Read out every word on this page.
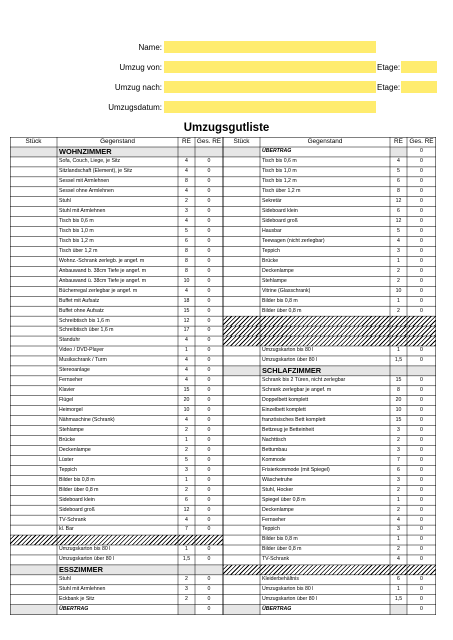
Name:
Umzug von:	Etage:
Umzug nach:	Etage:
Umzugsdatum:
Umzugsgutliste
Stück	Gegenstand	RE Ges. RE	Stück	Gegenstand	RE	Ges. RE
WOHNZIMMER
Sofa, Couch, Liege, je Sitz	4	0
Sitzlandschaft (Element), je Sitz	4	0
Sessel mit Armlehnen	8	0
Sessel ohne Armlehnen	4	0
Stuhl	2	0
Stuhl mit Armlehnen	3	0
Tisch bis 0,6 m	4	0
Tisch bis 1,0 m	5	0
Tisch bis 1,2 m	6	0
Tisch über 1,2 m	8	0
Wohnz.-Schrank zerlegb. je angef. m	8	0
Anbauwand b. 38cm Tiefe je angef. m	8	0
Anbauwand ü. 38cm Tiefe je angef. m	10	0
Bücherregal zerlegbar je angef. m	4	0
Buffet mit Aufsatz	18	0
Buffet ohne Aufsatz	15	0
Schreibtisch bis 1,6 m	12	0
Schreibtisch über 1,6 m	17	0
Standuhr	4	0
Video / DVD-Player	1	0
Musikschrank / Turm	4	0
Stereoanlage	4	0
Fernseher	4	0
Klavier	15	0
Flügel	20	0
Heimorgel	10	0
Nähmaschine (Schrank)	4	0
Stehlampe	2	0
Brücke	1	0
Deckenlampe	2	0
Lüster	5	0
Teppich	3	0
Bilder bis 0,8 m	1	0
Bilder über 0,8 m	2	0
Sideboard klein	6	0
Sideboard groß	12	0
TV-Schrank	4	0
kl. Bar	7	0
Umzugskarton bis 80 l	1	0
Umzugskarton über 80 l	1,5	0
ESSZIMMER
Stuhl	2	0
Stuhl mit Armlehnen	3	0
Eckbank je Sitz	2	0
ÜBERTRAG	0
ÜBERTRAG	0
Tisch bis 0,6 m	4	0
Tisch bis 1,0 m	5	0
Tisch bis 1,2 m	6	0
Tisch über 1,2 m	8	0
Sekretär	12	0
Sideboard klein	6	0
Sideboard groß	12	0
Hausbar	5	0
Teewagen (nicht zerlegbar)	4	0
Teppich	3	0
Brücke	1	0
Deckenlampe	2	0
Stehlampe	2	0
Vitrine (Glasschrank)	10	0
Bilder bis 0,8 m	1	0
Bilder über 0,8 m	2	0
Umzugskarton bis 80 l	1	0
Umzugskarton über 80 l	1,5	0
SCHLAFZIMMER
Schrank bis 2 Türen, nicht zerlegbar	15	0
Schrank zerlegbar je angef. m	8	0
Doppelbett komplett	20	0
Einzelbett komplett	10	0
französisches Bett komplett	15	0
Bettzeug je Betteinheit	3	0
Nachttisch	2	0
Bettumbau	3	0
Kommode	7	0
Frisierkommode (mit Spiegel)	6	0
Wäschetruhe	3	0
Stuhl, Hocker	2	0
Spiegel über 0,8 m	1	0
Deckenlampe	2	0
Fernseher	4	0
Teppich	3	0
Bilder bis 0,8 m	1	0
Bilder über 0,8 m	2	0
TV-Schrank	4	0
Kleiderbehältnis	6	0
Umzugskarton bis 80 l	1	0
Umzugskarton über 80 l	1,5	0
ÜBERTRAG	0
